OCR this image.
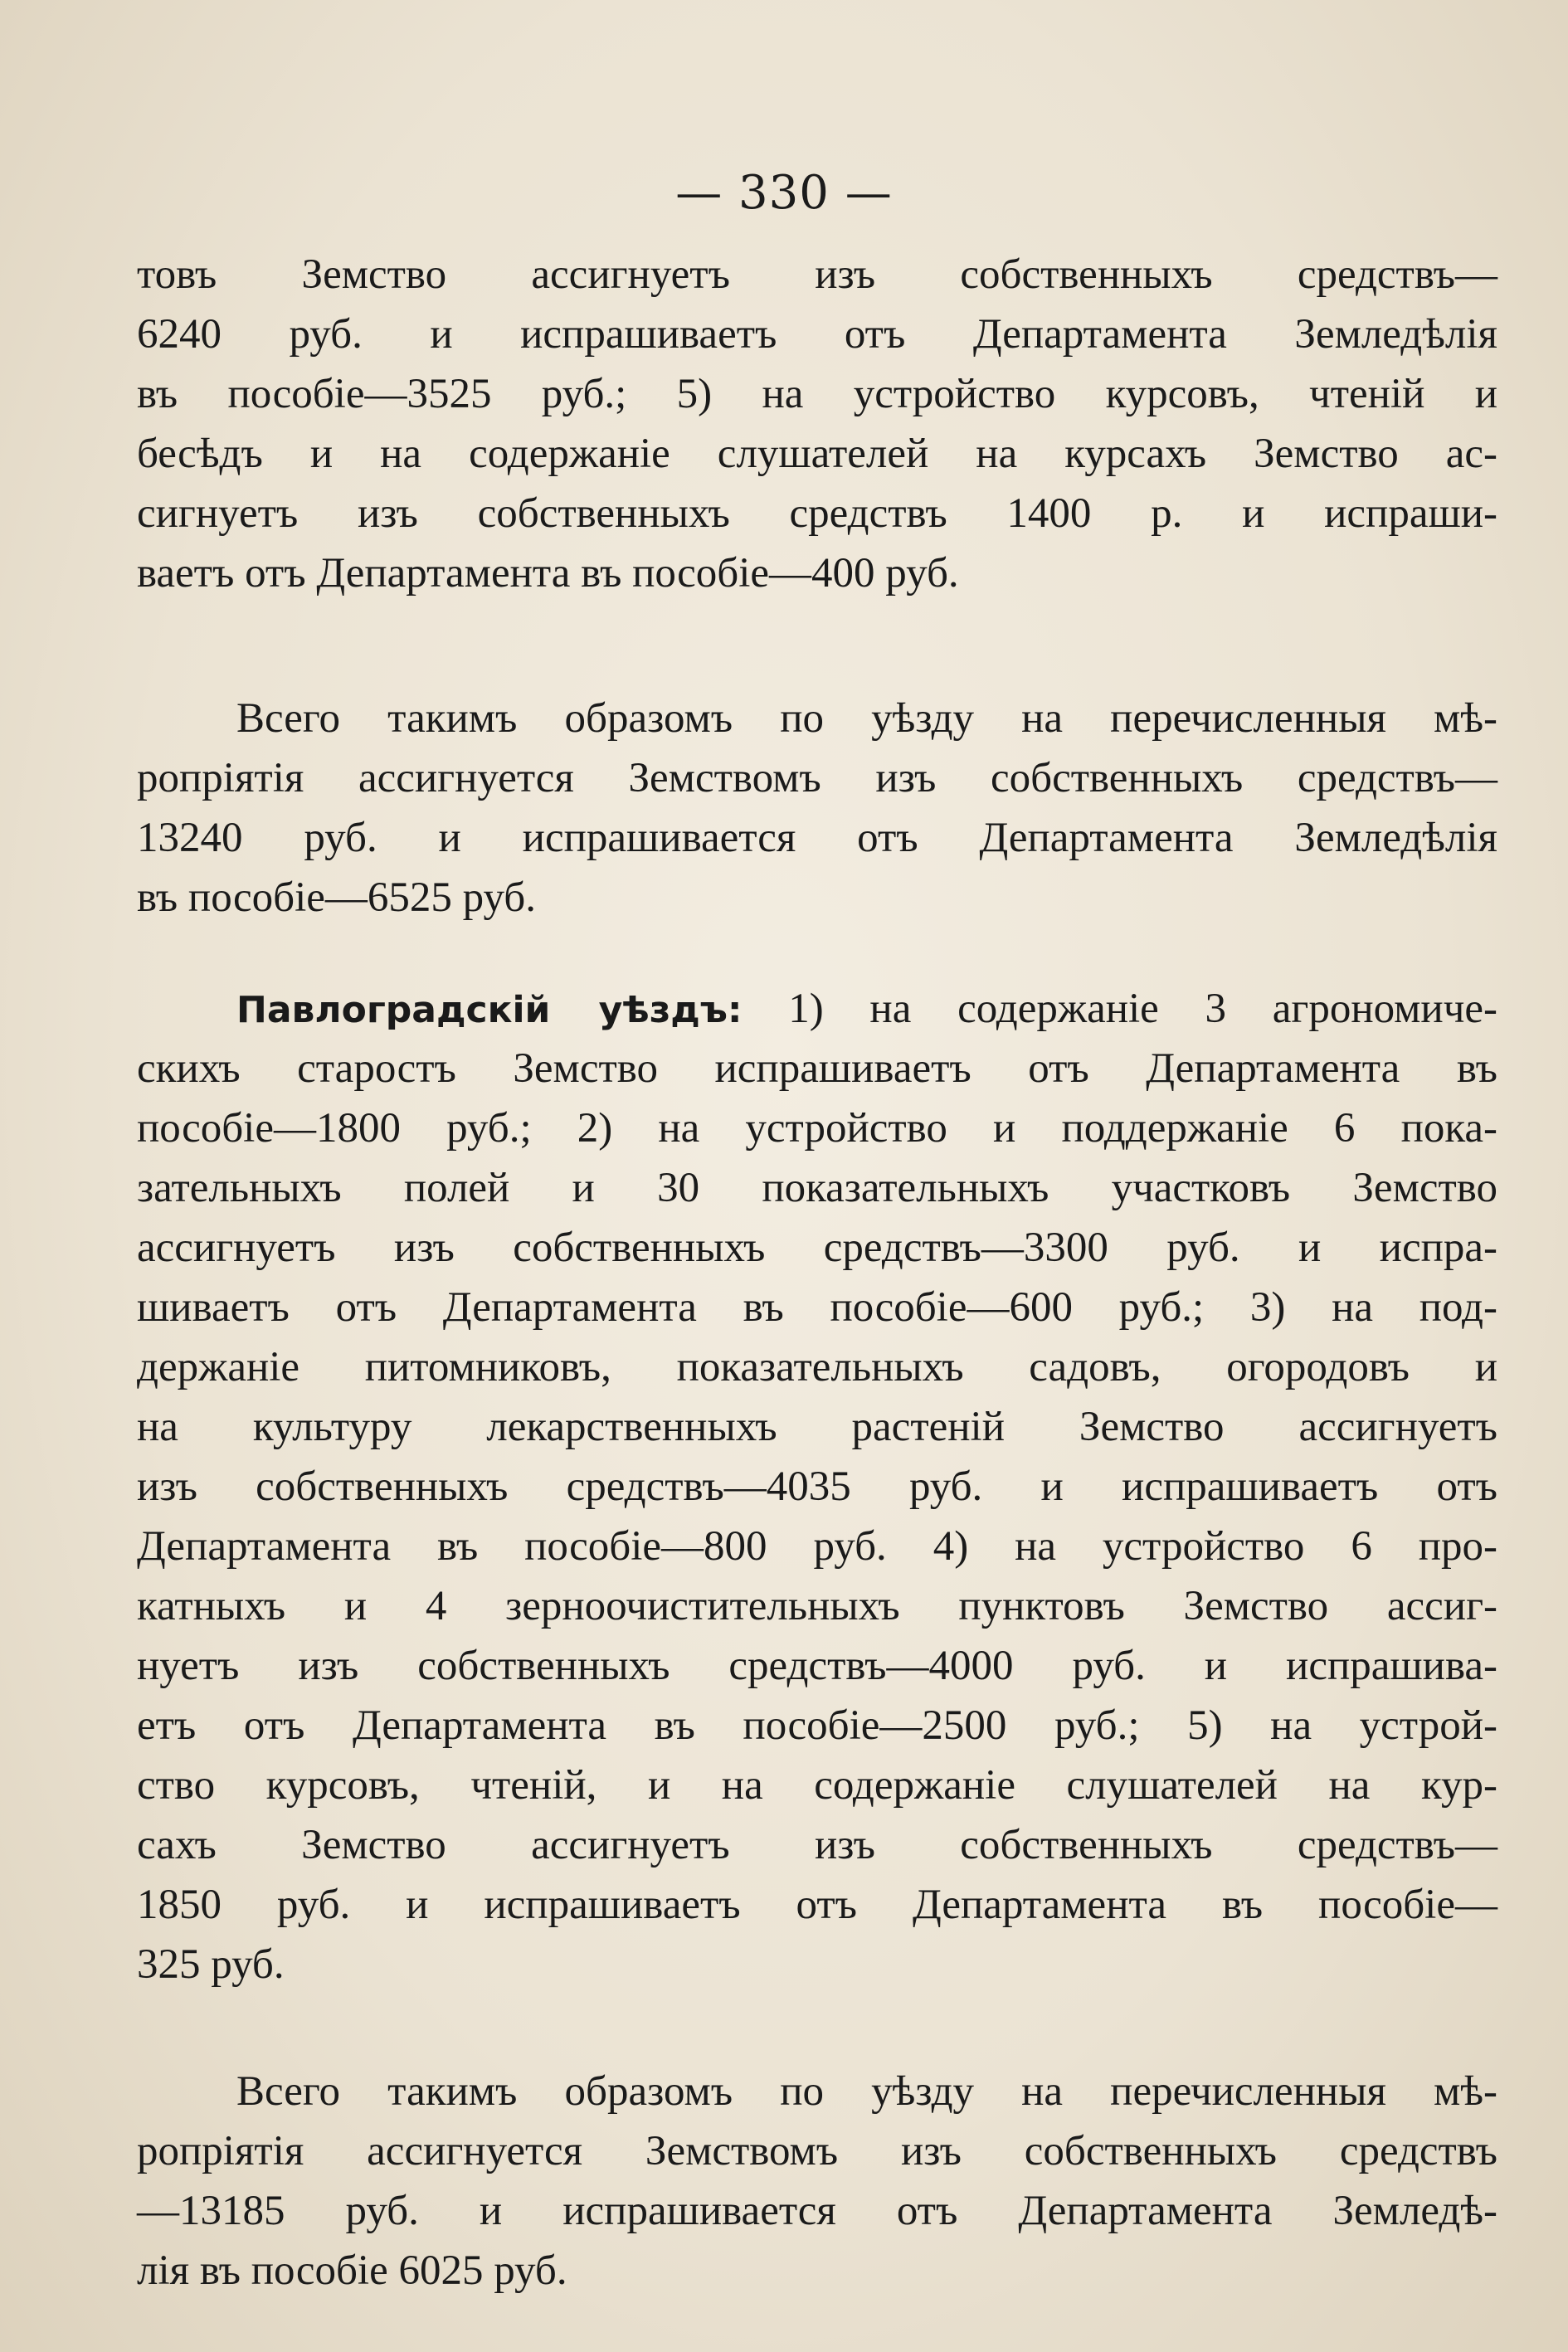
— 330 —
товъ Земство ассигнуетъ изъ собственныхъ средствъ—
6240 руб. и испрашиваетъ отъ Департамента Земледѣлія
въ пособіе—3525 руб.; 5) на устройство курсовъ, чтеній и
бесѣдъ и на содержаніе слушателей на курсахъ Земство ас-
сигнуетъ изъ собственныхъ средствъ 1400 р. и испраши-
ваетъ отъ Департамента въ пособіе—400 руб.
Всего такимъ образомъ по уѣзду на перечисленныя мѣ-
ропріятія ассигнуется Земствомъ изъ собственныхъ средствъ—
13240 руб. и испрашивается отъ Департамента Земледѣлія
въ пособіе—6525 руб.
Павлоградскій уѣздъ: 1) на содержаніе 3 агрономиче-
скихъ старостъ Земство испрашиваетъ отъ Департамента въ
пособіе—1800 руб.; 2) на устройство и поддержаніе 6 пока-
зательныхъ полей и 30 показательныхъ участковъ Земство
ассигнуетъ изъ собственныхъ средствъ—3300 руб. и испра-
шиваетъ отъ Департамента въ пособіе—600 руб.; 3) на под-
держаніе питомниковъ, показательныхъ садовъ, огородовъ и
на культуру лекарственныхъ растеній Земство ассигнуетъ
изъ собственныхъ средствъ—4035 руб. и испрашиваетъ отъ
Департамента въ пособіе—800 руб. 4) на устройство 6 про-
катныхъ и 4 зерноочистительныхъ пунктовъ Земство ассиг-
нуетъ изъ собственныхъ средствъ—4000 руб. и испрашива-
етъ отъ Департамента въ пособіе—2500 руб.; 5) на устрой-
ство курсовъ, чтеній, и на содержаніе слушателей на кур-
сахъ Земство ассигнуетъ изъ собственныхъ средствъ—
1850 руб. и испрашиваетъ отъ Департамента въ пособіе—
325 руб.
Всего такимъ образомъ по уѣзду на перечисленныя мѣ-
ропріятія ассигнуется Земствомъ изъ собственныхъ средствъ
—13185 руб. и испрашивается отъ Департамента Земледѣ-
лія въ пособіе 6025 руб.
